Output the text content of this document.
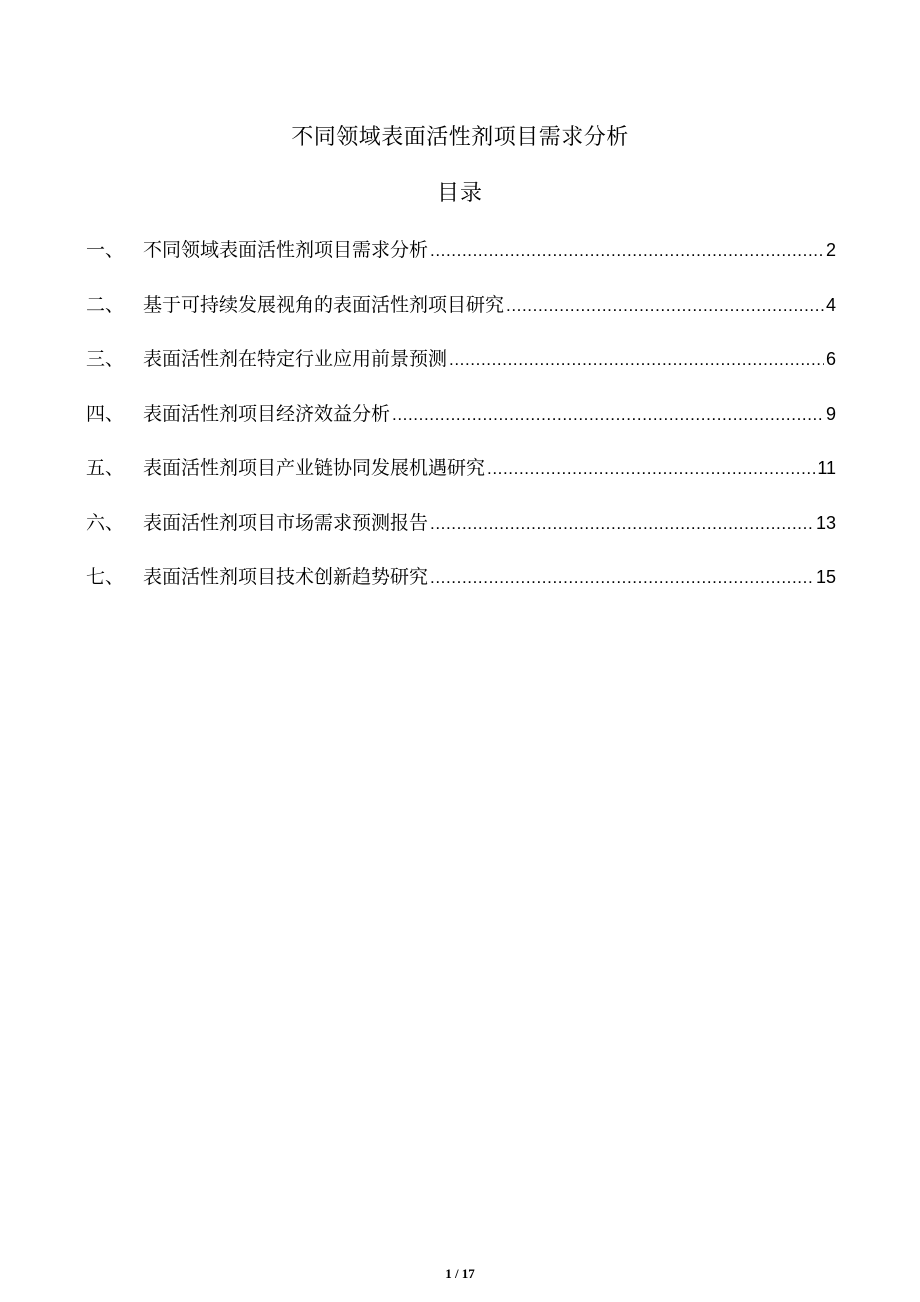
不同领域表面活性剂项目需求分析
目录
一、 不同领域表面活性剂项目需求分析 .....	2
二、 基于可持续发展视角的表面活性剂项目研究 .....	4
三、 表面活性剂在特定行业应用前景预测 .....	6
四、 表面活性剂项目经济效益分析 .....	9
五、 表面活性剂项目产业链协同发展机遇研究 .....	11
六、 表面活性剂项目市场需求预测报告 .....	13
七、 表面活性剂项目技术创新趋势研究 .....	15
1 / 17
